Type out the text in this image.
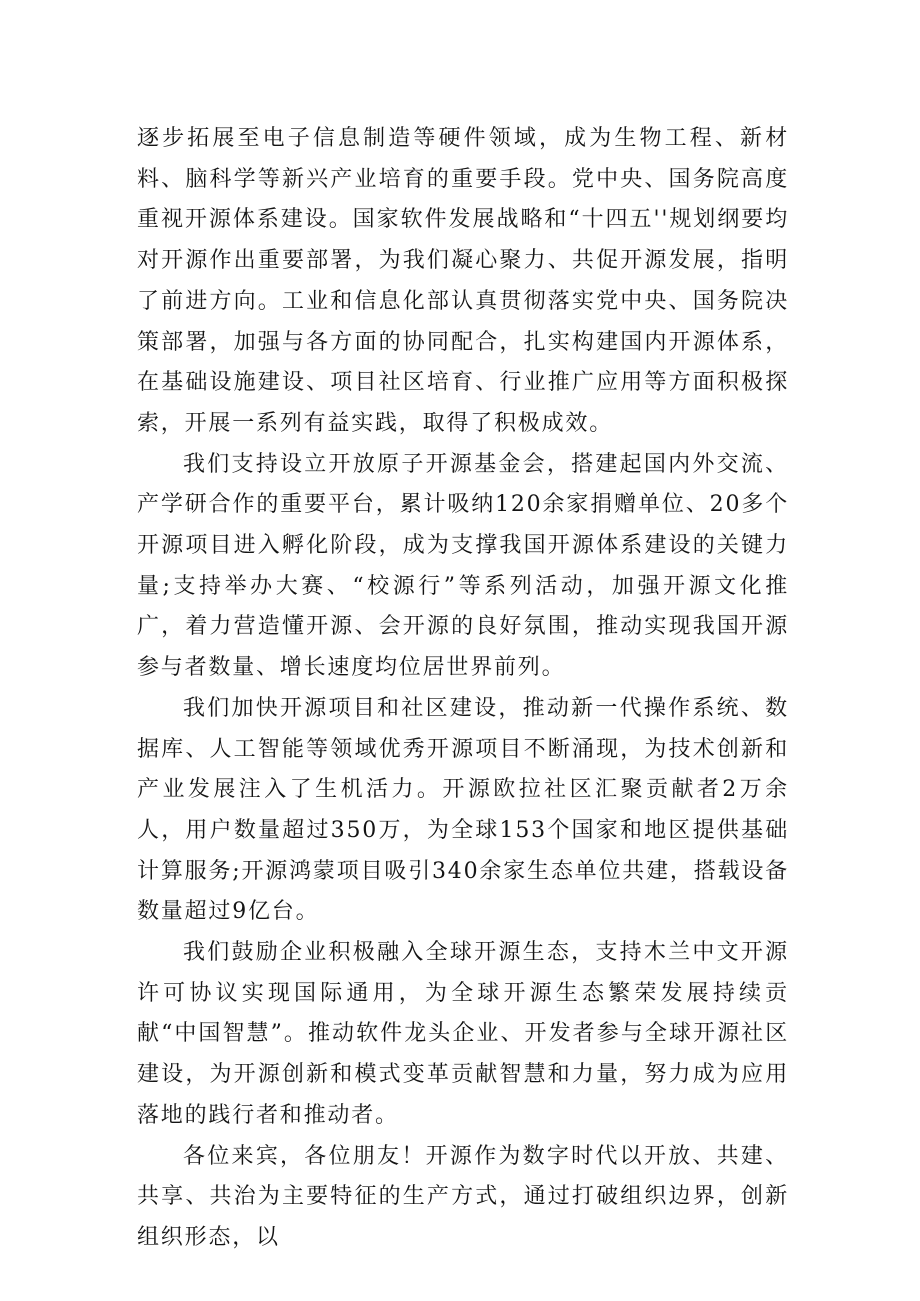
逐步拓展至电子信息制造等硬件领域，成为生物工程、新材料、脑科学等新兴产业培育的重要手段。党中央、国务院高度重视开源体系建设。国家软件发展战略和“十四五''规划纲要均对开源作出重要部署，为我们凝心聚力、共促开源发展，指明了前进方向。工业和信息化部认真贯彻落实党中央、国务院决策部署，加强与各方面的协同配合，扎实构建国内开源体系，在基础设施建设、项目社区培育、行业推广应用等方面积极探索，开展一系列有益实践，取得了积极成效。

我们支持设立开放原子开源基金会，搭建起国内外交流、产学研合作的重要平台，累计吸纳120余家捐赠单位、20多个开源项目进入孵化阶段，成为支撑我国开源体系建设的关键力量;支持举办大赛、“校源行”等系列活动，加强开源文化推广，着力营造懂开源、会开源的良好氛围，推动实现我国开源参与者数量、增长速度均位居世界前列。

我们加快开源项目和社区建设，推动新一代操作系统、数据库、人工智能等领域优秀开源项目不断涌现，为技术创新和产业发展注入了生机活力。开源欧拉社区汇聚贡献者2万余人，用户数量超过350万，为全球153个国家和地区提供基础计算服务;开源鸿蒙项目吸引340余家生态单位共建，搭载设备数量超过9亿台。

我们鼓励企业积极融入全球开源生态，支持木兰中文开源许可协议实现国际通用，为全球开源生态繁荣发展持续贡献“中国智慧”。推动软件龙头企业、开发者参与全球开源社区建设，为开源创新和模式变革贡献智慧和力量，努力成为应用落地的践行者和推动者。

各位来宾，各位朋友！开源作为数字时代以开放、共建、共享、共治为主要特征的生产方式，通过打破组织边界，创新组织形态，以
